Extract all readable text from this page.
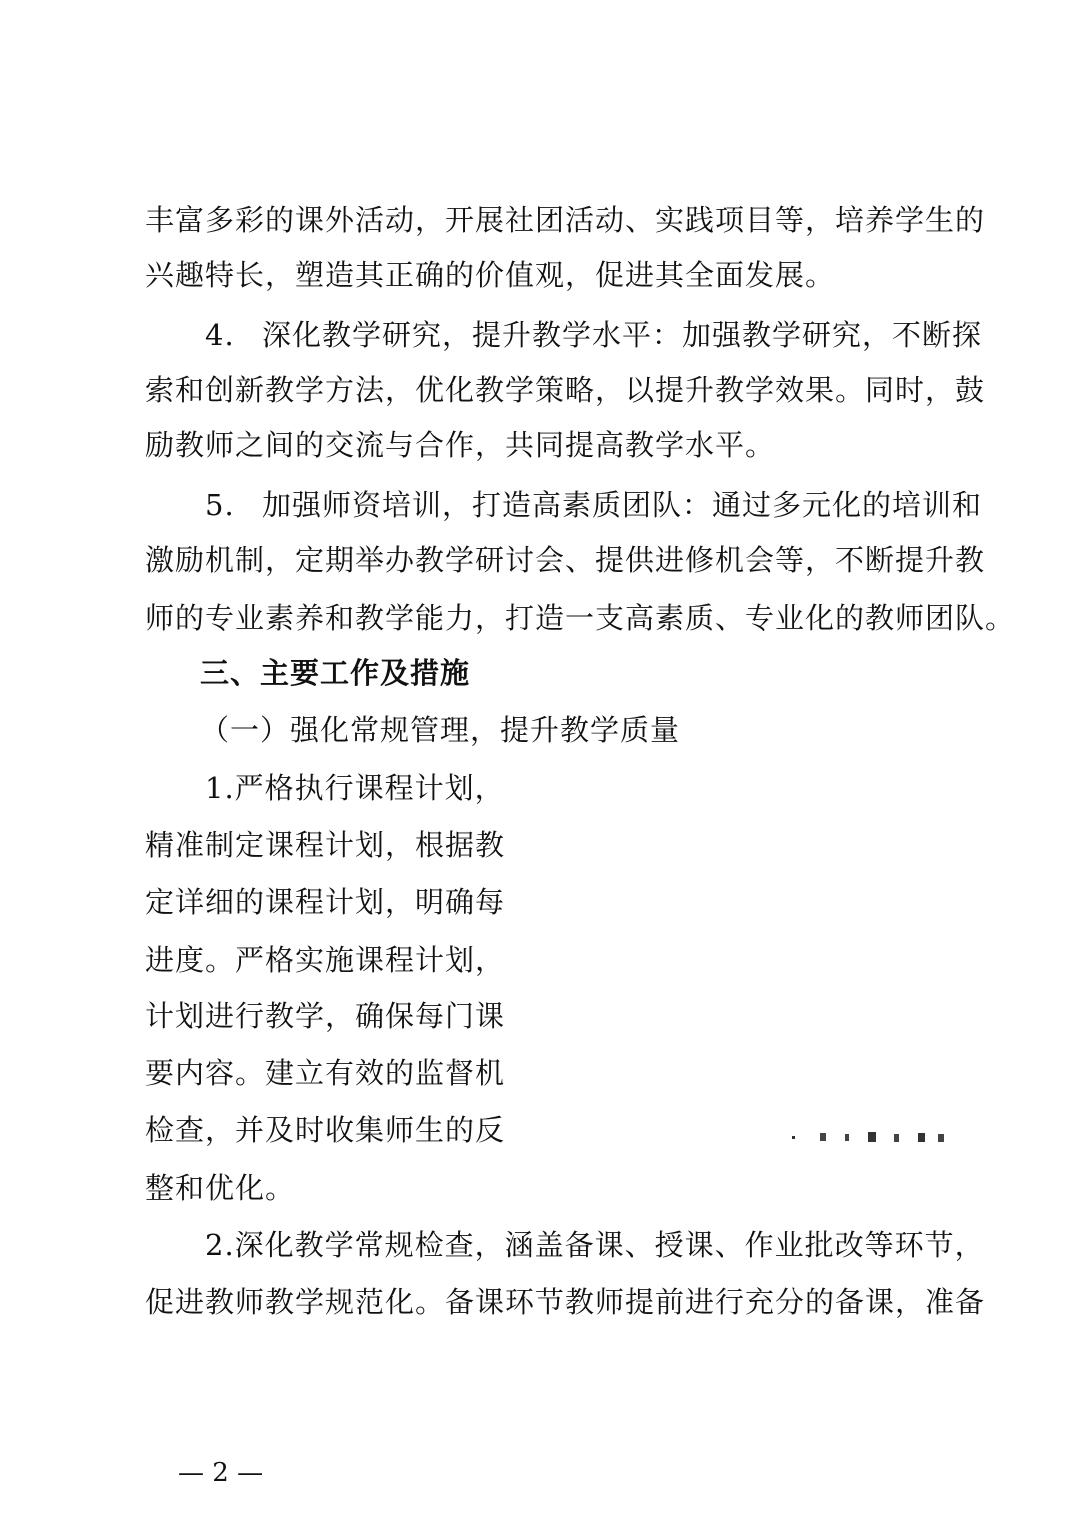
丰富多彩的课外活动，开展社团活动、实践项目等，培养学生的
兴趣特长，塑造其正确的价值观，促进其全面发展。
4. 深化教学研究，提升教学水平：加强教学研究，不断探
索和创新教学方法，优化教学策略，以提升教学效果。同时，鼓
励教师之间的交流与合作，共同提高教学水平。
5. 加强师资培训，打造高素质团队：通过多元化的培训和
激励机制，定期举办教学研讨会、提供进修机会等，不断提升教
师的专业素养和教学能力，打造一支高素质、专业化的教师团队。
三、主要工作及措施
（一）强化常规管理，提升教学质量
1.严格执行课程计划，
精准制定课程计划，根据教
定详细的课程计划，明确每
进度。严格实施课程计划，
计划进行教学，确保每门课
要内容。建立有效的监督机
检查，并及时收集师生的反
整和优化。
2.深化教学常规检查，涵盖备课、授课、作业批改等环节，
促进教师教学规范化。备课环节教师提前进行充分的备课，准备
— 2 —
